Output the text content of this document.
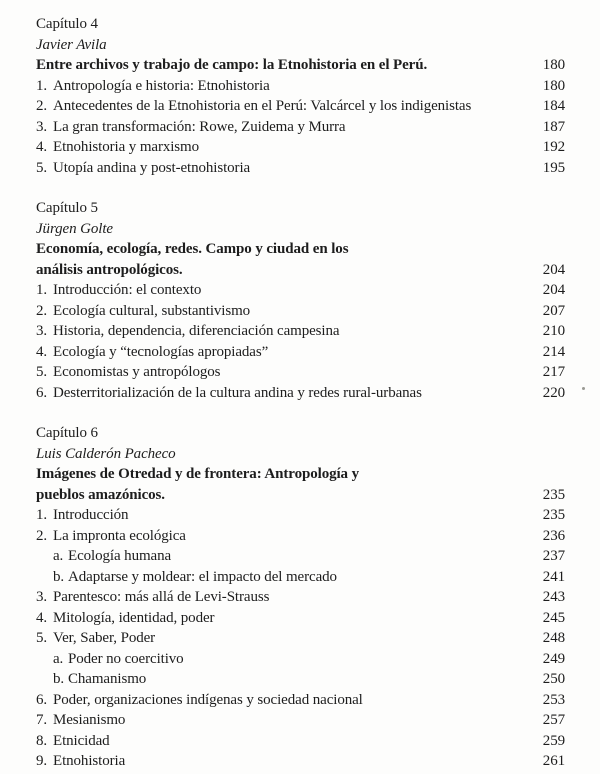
Capítulo 4
Javier Avila
Entre archivos y trabajo de campo: la Etnohistoria en el Perú.	180
1. Antropología e historia: Etnohistoria	180
2. Antecedentes de la Etnohistoria en el Perú: Valcárcel y los indigenistas	184
3. La gran transformación: Rowe, Zuidema y Murra	187
4. Etnohistoria y marxismo	192
5. Utopía andina y post-etnohistoria	195
Capítulo 5
Jürgen Golte
Economía, ecología, redes. Campo y ciudad en los
análisis antropológicos.	204
1. Introducción: el contexto	204
2. Ecología cultural, substantivismo	207
3. Historia, dependencia, diferenciación campesina	210
4. Ecología y “tecnologías apropiadas”	214
5. Economistas y antropólogos	217
6. Desterritorialización de la cultura andina y redes rural-urbanas	220
Capítulo 6
Luis Calderón Pacheco
Imágenes de Otredad y de frontera: Antropología y
pueblos amazónicos.	235
1. Introducción	235
2. La impronta ecológica	236
a. Ecología humana	237
b. Adaptarse y moldear: el impacto del mercado	241
3. Parentesco: más allá de Levi-Strauss	243
4. Mitología, identidad, poder	245
5. Ver, Saber, Poder	248
a. Poder no coercitivo	249
b. Chamanismo	250
6. Poder, organizaciones indígenas y sociedad nacional	253
7. Mesianismo	257
8. Etnicidad	259
9. Etnohistoria	261
